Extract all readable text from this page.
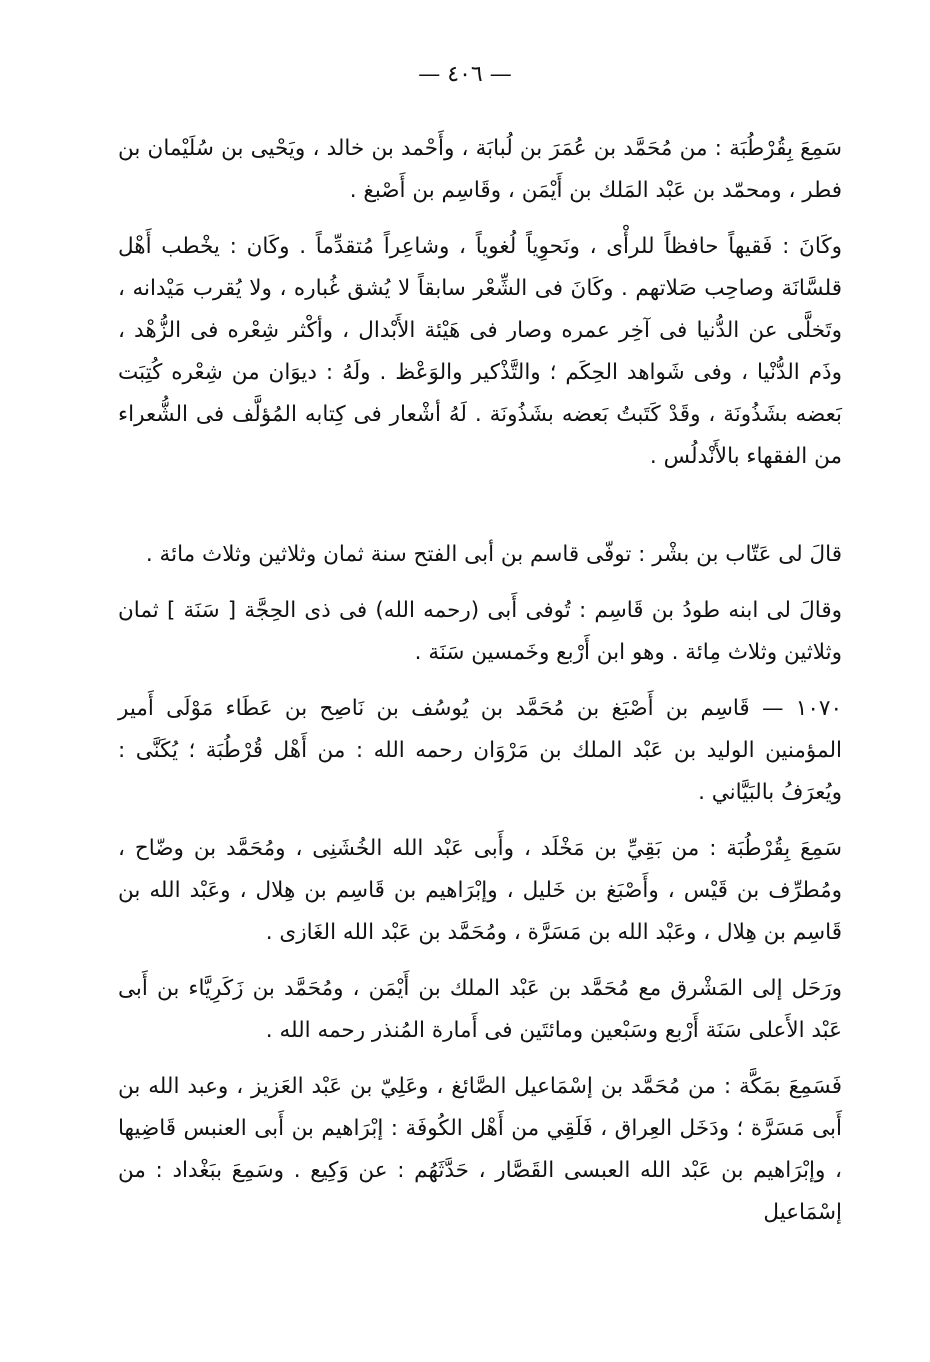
— ٤٠٦ —

سَمِعَ بِقُرْطُبَة : من مُحَمَّد بن عُمَرَ بن لُبابَة ، وأَحْمد بن خالد ، ويَحْيى بن سُلَيْمان بن فطر ، ومحمّد بن عَبْد المَلك بن أَيْمَن ، وقَاسِم بن أَصْبغ .

وكَانَ : فَقيهاً حافظاً للرأْى ، ونَحوِياً لُغوياً ، وشاعِراً مُتقدِّماً . وكَان : يخْطب أَهْل قلسَّانَة وصاحِب صَلاتهم . وكَانَ فى الشِّعْر سابقاً لا يُشق غُباره ، ولا يُقرب مَيْدانه ، وتَخلَّى عن الدُّنيا فى آخِر عمره وصار فى هَيْئة الأَبْدال ، وأكْثر شِعْره فى الزُّهْد ، وذَم الدُّنْيا ، وفى شَواهد الحِكَم ؛ والتَّذْكير والوَعْظ . ولَهُ : ديوَان من شِعْره كُتِبَت بَعضه بشَذُونَة ، وقَدْ كَتَبتُ بَعضه بشَذُونَة . لَهُ أشْعار فى كِتابه المُؤلَّف فى الشُّعراء من الفقهاء بالأَنْدلُس .

قالَ لى عَتّاب بن بشْر : توفّى قاسم بن أبى الفتح سنة ثمان وثلاثين وثلاث مائة .

وقالَ لى ابنه طودُ بن قَاسِم : تُوفى أَبى (رحمه الله) فى ذى الحِجَّة [ سَنَة ] ثمان وثلاثين وثلاث مِائة . وهو ابن أَرْبع وخَمسين سَنَة .

١٠٧٠ — قَاسِم بن أَصْبَغ بن مُحَمَّد بن يُوسُف بن نَاصِح بن عَطَاء مَوْلَى أَمير المؤمنين الوليد بن عَبْد الملك بن مَرْوَان رحمه الله : من أَهْل قُرْطُبَة ؛ يُكَنَّى : ويُعرَفُ بالبَيَّاني .

سَمِعَ بِقُرْطُبَة : من بَقِيِّ بن مَخْلَد ، وأَبى عَبْد الله الخُشَنِى ، ومُحَمَّد بن وضّاح ، ومُطرِّف بن قَيْس ، وأَصْبَغ بن خَليل ، وإبْرَاهيم بن قَاسِم بن هِلال ، وعَبْد الله بن قَاسِم بن هِلال ، وعَبْد الله بن مَسَرَّة ، ومُحَمَّد بن عَبْد الله الغَازى .

ورَحَل إلى المَشْرق مع مُحَمَّد بن عَبْد الملك بن أَيْمَن ، ومُحَمَّد بن زَكَرِيَّاء بن أَبى عَبْد الأَعلى سَنَة أَرْبع وسَبْعين ومائتَين فى أَمارة المُنذر رحمه الله .

فَسَمِعَ بمَكَّة : من مُحَمَّد بن إسْمَاعيل الصَّائغ ، وعَلِيّ بن عَبْد العَزيز ، وعبد الله بن أَبى مَسَرَّة ؛ ودَخَل العِراق ، فَلَقِي من أَهْل الكُوفَة : إبْرَاهيم بن أَبى العنبس قَاضِيها ، وإبْرَاهيم بن عَبْد الله العبسى القَصَّار ، حَدَّثَهُم : عن وَكِيع . وسَمِعَ ببَغْداد : من إسْمَاعيل
